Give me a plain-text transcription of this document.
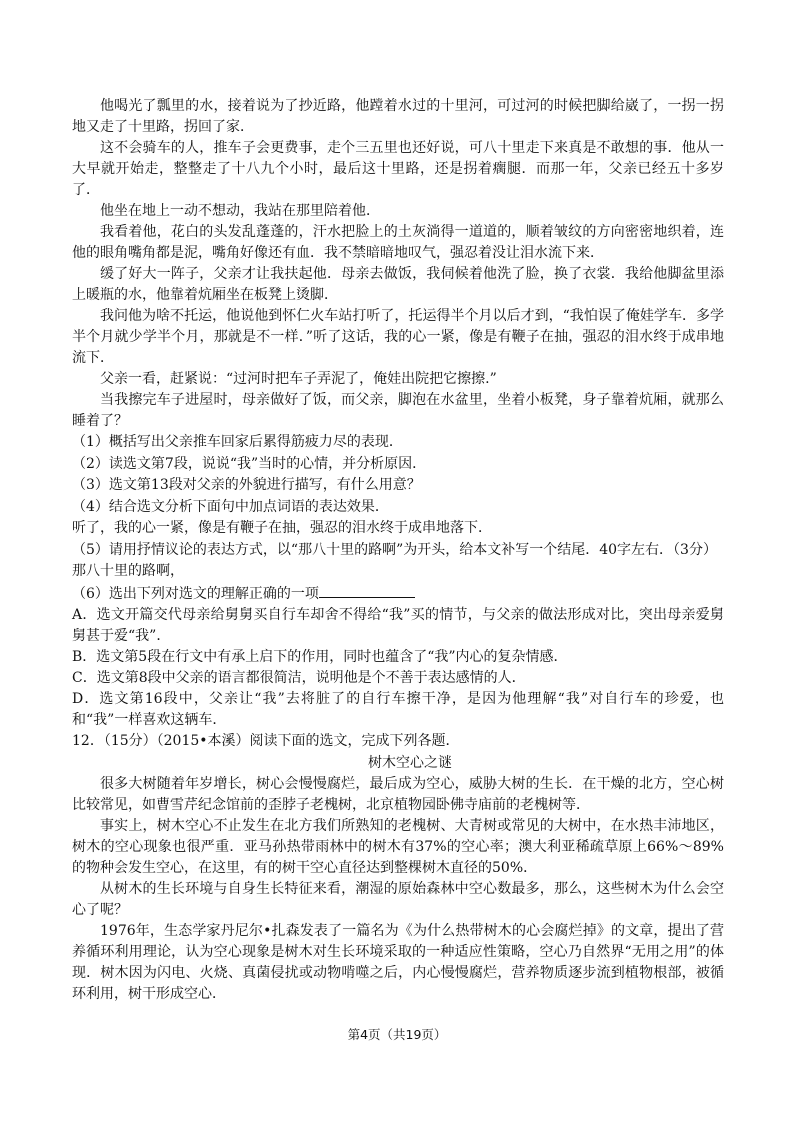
他喝光了瓢里的水，接着说为了抄近路，他蹚着水过的十里河，可过河的时候把脚给崴了，一拐一拐地又走了十里路，拐回了家．

这不会骑车的人，推车子会更费事，走个三五里也还好说，可八十里走下来真是不敢想的事．他从一大早就开始走，整整走了十八九个小时，最后这十里路，还是拐着瘸腿．而那一年，父亲已经五十多岁了．

他坐在地上一动不想动，我站在那里陪着他．

我看着他，花白的头发乱蓬蓬的，汗水把脸上的土灰淌得一道道的，顺着皱纹的方向密密地织着，连他的眼角嘴角都是泥，嘴角好像还有血．我不禁暗暗地叹气，强忍着没让泪水流下来．

缓了好大一阵子，父亲才让我扶起他．母亲去做饭，我伺候着他洗了脸，换了衣裳．我给他脚盆里添上暖瓶的水，他靠着炕厢坐在板凳上烫脚．

我问他为啥不托运，他说他到怀仁火车站打听了，托运得半个月以后才到，“我怕误了俺娃学车．多学半个月就少学半个月，那就是不一样．”听了这话，我的心一紧，像是有鞭子在抽，强忍的泪水终于成串地流下．

父亲一看，赶紧说：“过河时把车子弄泥了，俺娃出院把它擦擦.”

当我擦完车子进屋时，母亲做好了饭，而父亲，脚泡在水盆里，坐着小板凳，身子靠着炕厢，就那么睡着了？

（1）概括写出父亲推车回家后累得筋疲力尽的表现．

（2）读选文第7段，说说“我”当时的心情，并分析原因．

（3）选文第13段对父亲的外貌进行描写，有什么用意？

（4）结合选文分析下面句中加点词语的表达效果．

听了，我的心一紧，像是有鞭子在抽，强忍的泪水终于成串地落下．

（5）请用抒情议论的表达方式，以“那八十里的路啊”为开头，给本文补写一个结尾．40字左右．（3分）

那八十里的路啊，

（6）选出下列对选文的理解正确的一项

A．选文开篇交代母亲给舅舅买自行车却舍不得给“我”买的情节，与父亲的做法形成对比，突出母亲爱舅舅甚于爱“我”．

B．选文第5段在行文中有承上启下的作用，同时也蕴含了“我”内心的复杂情感．

C．选文第8段中父亲的语言都很简洁，说明他是个不善于表达感情的人．

D．选文第16段中，父亲让“我”去将脏了的自行车擦干净，是因为他理解“我”对自行车的珍爱，也和“我”一样喜欢这辆车．

12．（15分）（2015•本溪）阅读下面的选文，完成下列各题．

树木空心之谜

很多大树随着年岁增长，树心会慢慢腐烂，最后成为空心，威胁大树的生长．在干燥的北方，空心树比较常见，如曹雪芹纪念馆前的歪脖子老槐树，北京植物园卧佛寺庙前的老槐树等．

事实上，树木空心不止发生在北方我们所熟知的老槐树、大青树或常见的大树中，在水热丰沛地区，树木的空心现象也很严重．亚马孙热带雨林中的树木有37%的空心率；澳大利亚稀疏草原上66%～89%的物种会发生空心，在这里，有的树干空心直径达到整棵树木直径的50%．

从树木的生长环境与自身生长特征来看，潮湿的原始森林中空心数最多，那么，这些树木为什么会空心了呢？

1976年，生态学家丹尼尔•扎森发表了一篇名为《为什么热带树木的心会腐烂掉》的文章，提出了营养循环利用理论，认为空心现象是树木对生长环境采取的一种适应性策略，空心乃自然界“无用之用”的体现．树木因为闪电、火烧、真菌侵扰或动物啃噬之后，内心慢慢腐烂，营养物质逐步流到植物根部，被循环利用，树干形成空心．

第4页（共19页）
